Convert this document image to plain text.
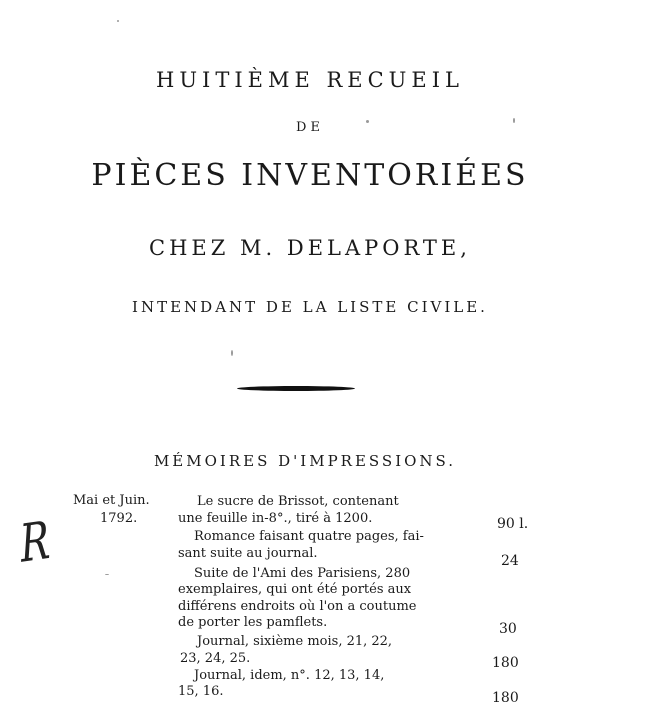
HUITIÈME RECUEIL
DE
PIÈCES INVENTORIÉES
CHEZ M. DELAPORTE,
INTENDANT DE LA LISTE CIVILE.
MÉMOIRES D'IMPRESSIONS.
Mai et Juin.
1792.
R
Le sucre de Brissot, contenant
une feuille in-8°., tiré à 1200.	90 l.
Romance faisant quatre pages, fai-
sant suite au journal.	24
Suite de l'Ami des Parisiens, 280
exemplaires, qui ont été portés aux
différens endroits où l'on a coutume
de porter les pamflets.	30
Journal, sixième mois, 21, 22,
23, 24, 25.	180
Journal, idem, n°. 12, 13, 14,
15, 16.	180
